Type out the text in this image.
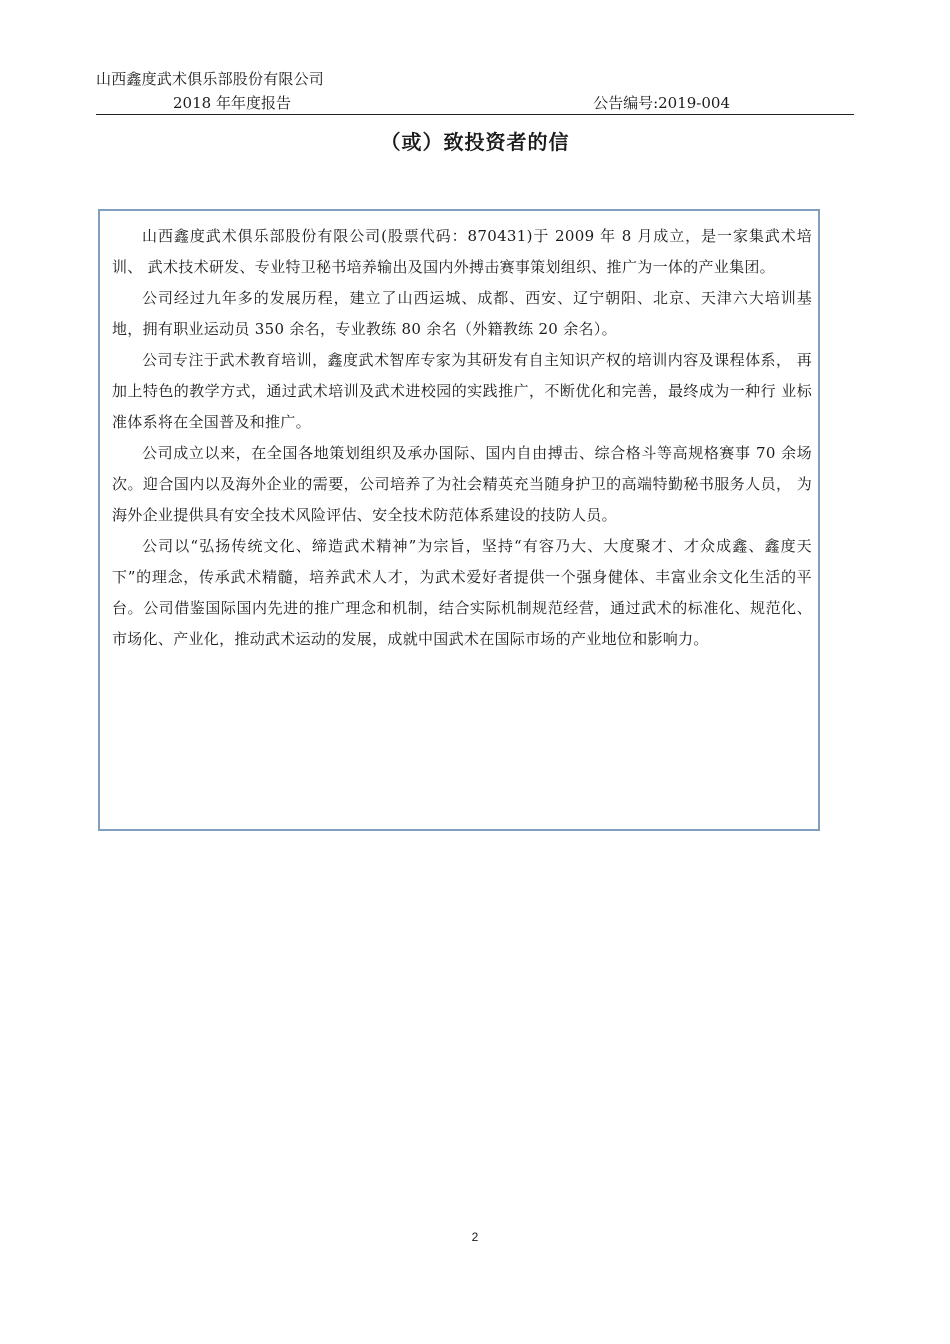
山西鑫度武术俱乐部股份有限公司
2018 年年度报告	公告编号:2019-004
（或）致投资者的信

山西鑫度武术俱乐部股份有限公司(股票代码：870431)于 2009 年 8 月成立，是一家集武术培训、 武术技术研发、专业特卫秘书培养输出及国内外搏击赛事策划组织、推广为一体的产业集团。

公司经过九年多的发展历程，建立了山西运城、成都、西安、辽宁朝阳、北京、天津六大培训基 地，拥有职业运动员 350 余名，专业教练 80 余名（外籍教练 20 余名）。

公司专注于武术教育培训，鑫度武术智库专家为其研发有自主知识产权的培训内容及课程体系， 再加上特色的教学方式，通过武术培训及武术进校园的实践推广，不断优化和完善，最终成为一种行 业标准体系将在全国普及和推广。

公司成立以来，在全国各地策划组织及承办国际、国内自由搏击、综合格斗等高规格赛事 70 余场次。迎合国内以及海外企业的需要，公司培养了为社会精英充当随身护卫的高端特勤秘书服务人员， 为海外企业提供具有安全技术风险评估、安全技术防范体系建设的技防人员。

公司以“弘扬传统文化、缔造武术精神”为宗旨，坚持“有容乃大、大度聚才、才众成鑫、鑫度天下”的理念，传承武术精髓，培养武术人才，为武术爱好者提供一个强身健体、丰富业余文化生活的平台。公司借鉴国际国内先进的推广理念和机制，结合实际机制规范经营，通过武术的标准化、规范化、市场化、产业化，推动武术运动的发展，成就中国武术在国际市场的产业地位和影响力。

2
